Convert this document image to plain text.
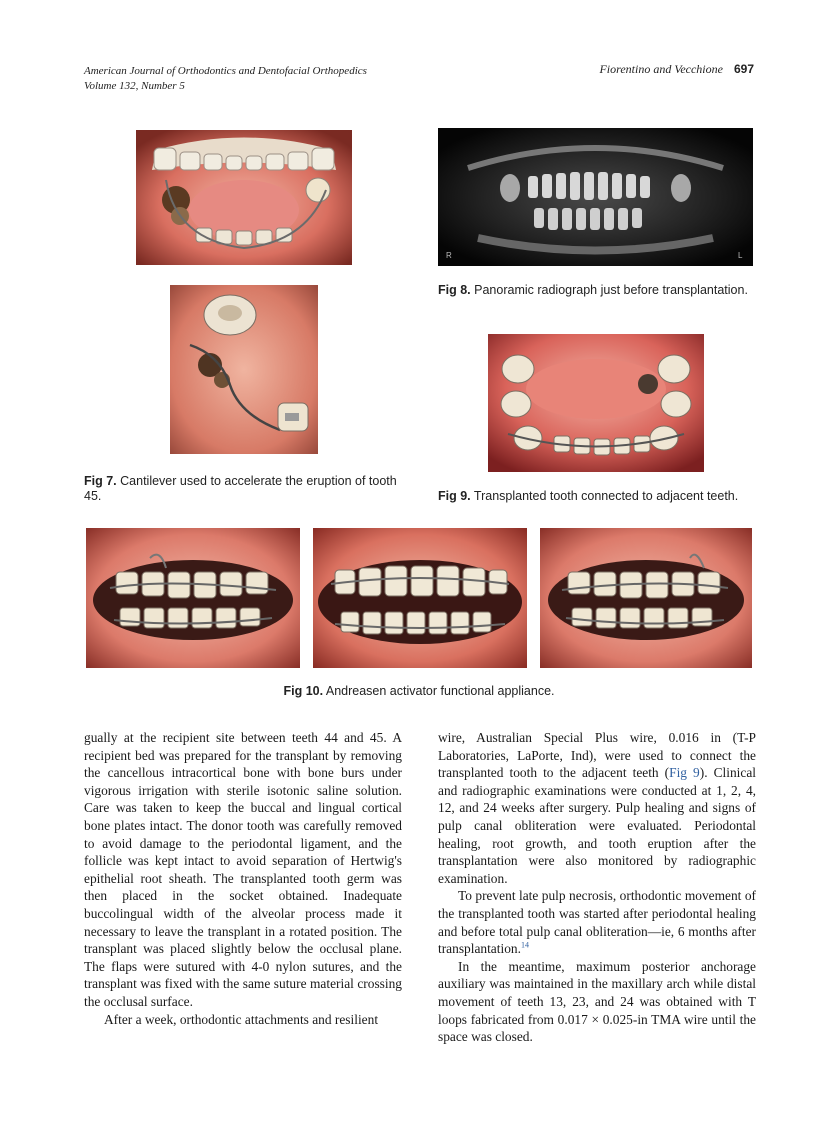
American Journal of Orthodontics and Dentofacial Orthopedics
Volume 132, Number 5
Fiorentino and Vecchione 697
R	L
Fig 8. Panoramic radiograph just before transplantation.
Fig 7. Cantilever used to accelerate the eruption of tooth 45.	Fig 9. Transplanted tooth connected to adjacent teeth.
Fig 10. Andreasen activator functional appliance.

gually at the recipient site between teeth 44 and 45. A recipient bed was prepared for the transplant by removing the cancellous intracortical bone with bone burs under vigorous irrigation with sterile isotonic saline solution. Care was taken to keep the buccal and lingual cortical bone plates intact. The donor tooth was carefully removed to avoid damage to the periodontal ligament, and the follicle was kept intact to avoid separation of Hertwig's epithelial root sheath. The transplanted tooth germ was then placed in the socket obtained. Inadequate buccolingual width of the alveolar process made it necessary to leave the transplant in a rotated position. The transplant was placed slightly below the occlusal plane. The flaps were sutured with 4-0 nylon sutures, and the transplant was fixed with the same suture material crossing the occlusal surface.

After a week, orthodontic attachments and resilient

wire, Australian Special Plus wire, 0.016 in (T-P Laboratories, LaPorte, Ind), were used to connect the transplanted tooth to the adjacent teeth (Fig 9). Clinical and radiographic examinations were conducted at 1, 2, 4, 12, and 24 weeks after surgery. Pulp healing and signs of pulp canal obliteration were evaluated. Periodontal healing, root growth, and tooth eruption after the transplantation were also monitored by radiographic examination.

To prevent late pulp necrosis, orthodontic movement of the transplanted tooth was started after periodontal healing and before total pulp canal obliteration—ie, 6 months after transplantation.$^{14}$

In the meantime, maximum posterior anchorage auxiliary was maintained in the maxillary arch while distal movement of teeth 13, 23, and 24 was obtained with T loops fabricated from 0.017 × 0.025-in TMA wire until the space was closed.
